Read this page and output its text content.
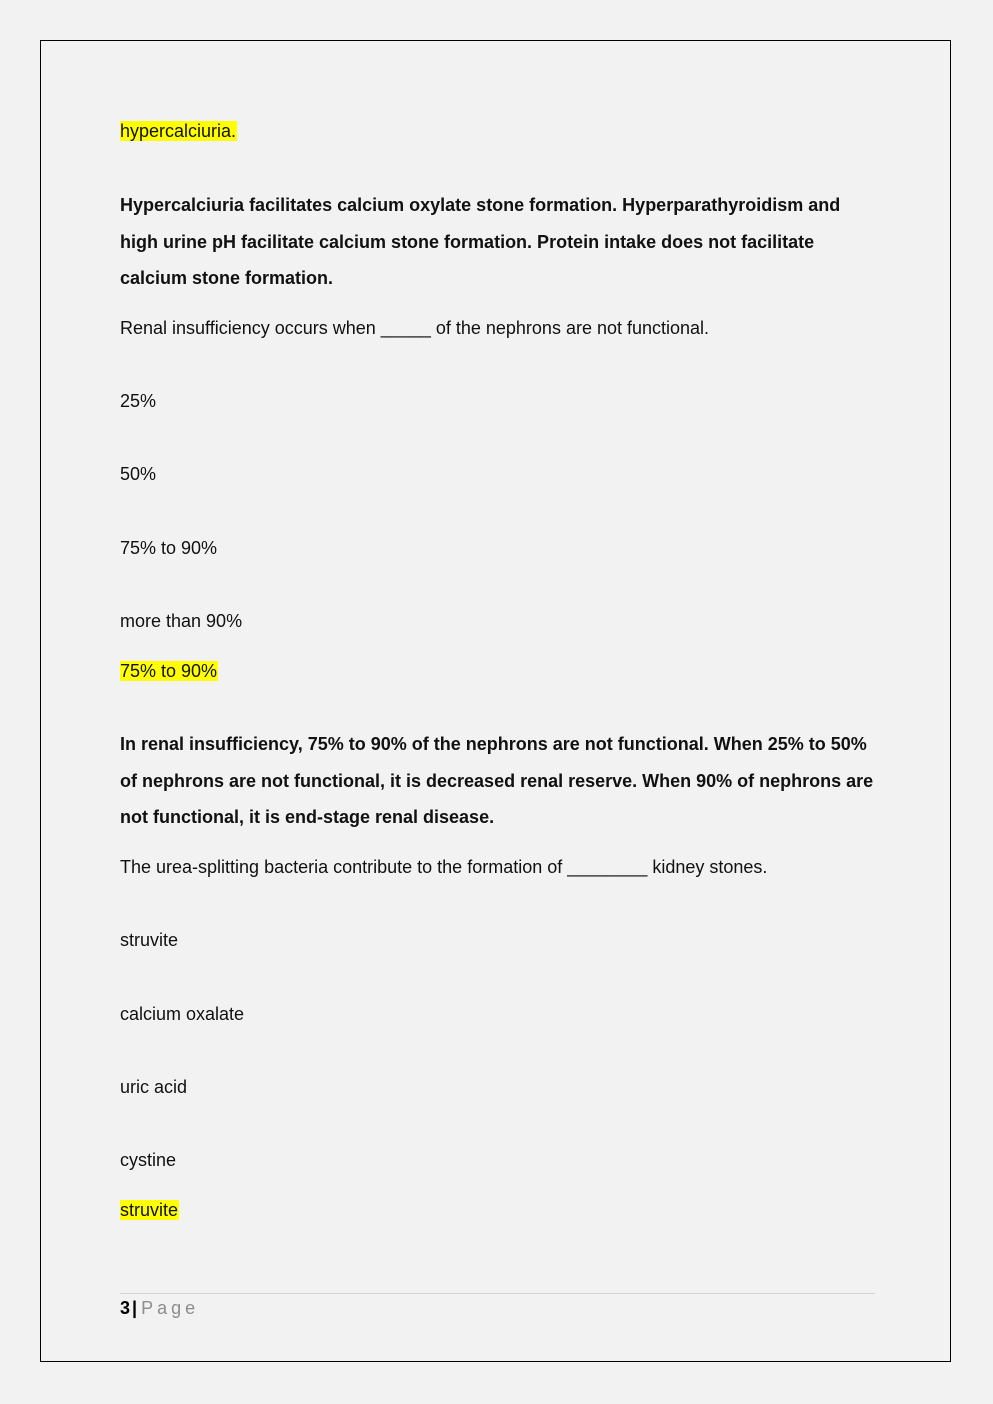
hypercalciuria.
Hypercalciuria facilitates calcium oxylate stone formation. Hyperparathyroidism and high urine pH facilitate calcium stone formation. Protein intake does not facilitate calcium stone formation.
Renal insufficiency occurs when _____ of the nephrons are not functional.
25%
50%
75% to 90%
more than 90%
75% to 90%
In renal insufficiency, 75% to 90% of the nephrons are not functional. When 25% to 50% of nephrons are not functional, it is decreased renal reserve. When 90% of nephrons are not functional, it is end-stage renal disease.
The urea-splitting bacteria contribute to the formation of ________ kidney stones.
struvite
calcium oxalate
uric acid
cystine
struvite
3 | Page
